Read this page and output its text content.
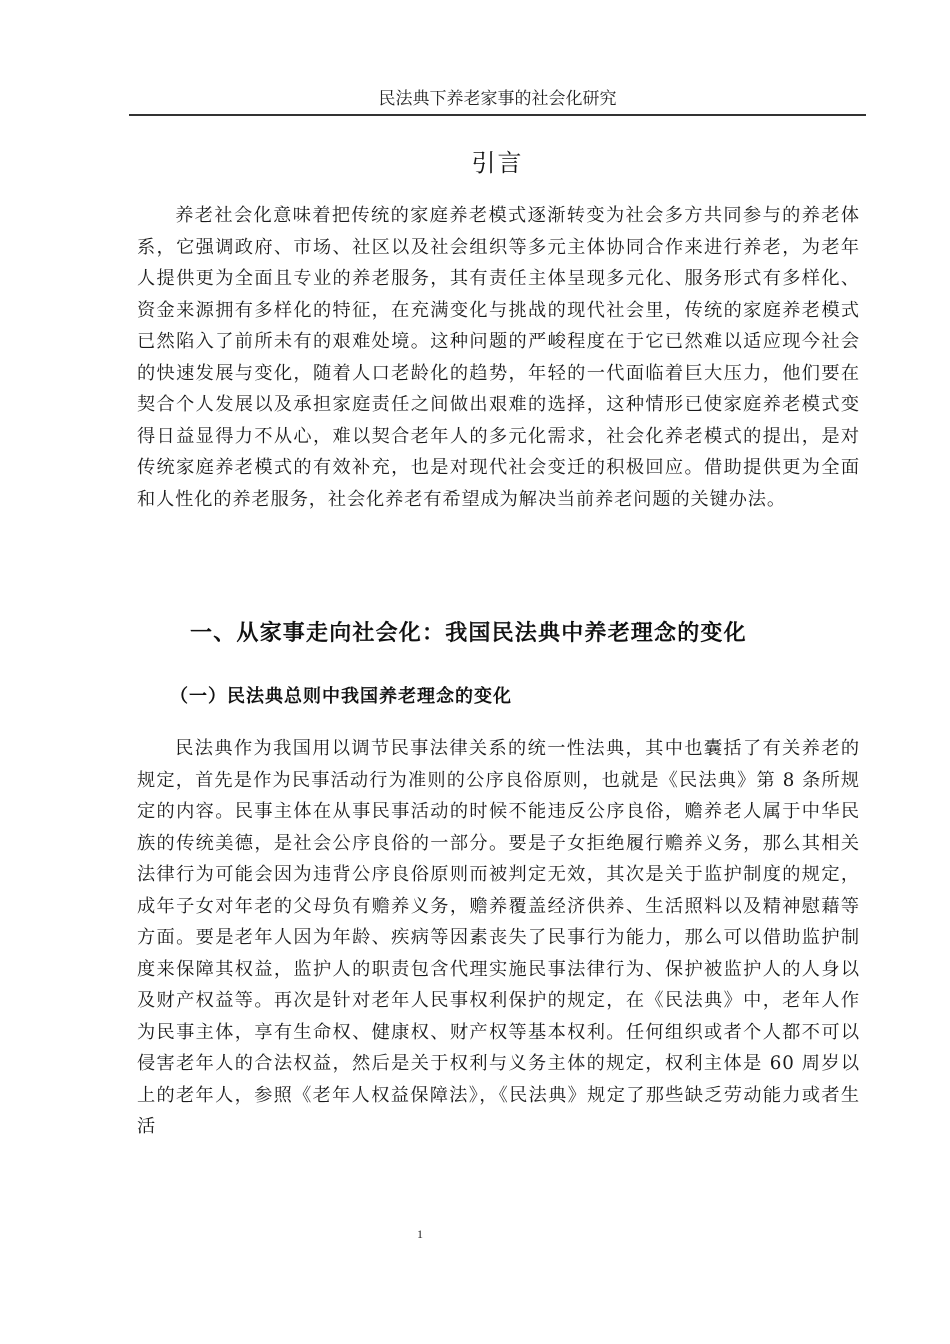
民法典下养老家事的社会化研究
引言

养老社会化意味着把传统的家庭养老模式逐渐转变为社会多方共同参与的养老体系，它强调政府、市场、社区以及社会组织等多元主体协同合作来进行养老，为老年人提供更为全面且专业的养老服务，其有责任主体呈现多元化、服务形式有多样化、资金来源拥有多样化的特征，在充满变化与挑战的现代社会里，传统的家庭养老模式已然陷入了前所未有的艰难处境。这种问题的严峻程度在于它已然难以适应现今社会的快速发展与变化，随着人口老龄化的趋势，年轻的一代面临着巨大压力，他们要在契合个人发展以及承担家庭责任之间做出艰难的选择，这种情形已使家庭养老模式变得日益显得力不从心，难以契合老年人的多元化需求，社会化养老模式的提出，是对传统家庭养老模式的有效补充，也是对现代社会变迁的积极回应。借助提供更为全面和人性化的养老服务，社会化养老有希望成为解决当前养老问题的关键办法。

一、从家事走向社会化：我国民法典中养老理念的变化
（一）民法典总则中我国养老理念的变化

民法典作为我国用以调节民事法律关系的统一性法典，其中也囊括了有关养老的规定，首先是作为民事活动行为准则的公序良俗原则，也就是《民法典》第 8 条所规定的内容。民事主体在从事民事活动的时候不能违反公序良俗，赡养老人属于中华民族的传统美德，是社会公序良俗的一部分。要是子女拒绝履行赡养义务，那么其相关法律行为可能会因为违背公序良俗原则而被判定无效，其次是关于监护制度的规定，成年子女对年老的父母负有赡养义务，赡养覆盖经济供养、生活照料以及精神慰藉等方面。要是老年人因为年龄、疾病等因素丧失了民事行为能力，那么可以借助监护制度来保障其权益，监护人的职责包含代理实施民事法律行为、保护被监护人的人身以及财产权益等。再次是针对老年人民事权利保护的规定，在《民法典》中，老年人作为民事主体，享有生命权、健康权、财产权等基本权利。任何组织或者个人都不可以侵害老年人的合法权益，然后是关于权利与义务主体的规定，权利主体是 60 周岁以上的老年人，参照《老年人权益保障法》，《民法典》规定了那些缺乏劳动能力或者生活

1
